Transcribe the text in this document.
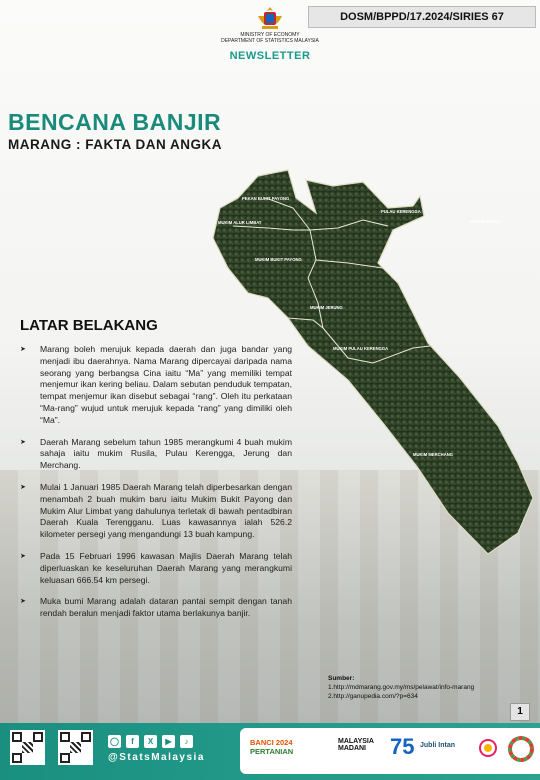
MINISTRY OF ECONOMY
DEPARTMENT OF STATISTICS MALAYSIA
NEWSLETTER
DOSM/BPPD/17.2024/SIRIES 67
BENCANA BANJIR
MARANG : FAKTA DAN ANGKA
PULAU KERENGGA
MUKIM RUSILA
PEKAN BUKIT PAYONG
MUKIM ALUR LIMBAT
MUKIM BUKIT PAYONG
MUKIM JERUNG
MUKIM PULAU KERENGGA
MUKIM MERCHANG
LATAR BELAKANG
➤	Marang boleh merujuk kepada daerah dan juga bandar yang menjadi ibu daerahnya. Nama Marang dipercayai daripada nama seorang yang berbangsa Cina iaitu “Ma” yang memiliki tempat menjemur ikan kering beliau. Dalam sebutan penduduk tempatan, tempat menjemur ikan disebut sebagai “rang”. Oleh itu perkataan “Ma-rang” wujud untuk merujuk kepada “rang” yang dimiliki oleh “Ma”.
➤	Daerah Marang sebelum tahun 1985 merangkumi 4 buah mukim sahaja iaitu mukim Rusila, Pulau Kerengga, Jerung dan Merchang.
➤	Mulai 1 Januari 1985 Daerah Marang telah diperbesarkan dengan menambah 2 buah mukim baru iaitu Mukim Bukit Payong dan Mukim Alur Limbat yang dahulunya terletak di bawah pentadbiran Daerah Kuala Terengganu. Luas kawasannya ialah 526.2 kilometer persegi yang mengandungi 13 buah kampung.
➤	Pada 15 Februari 1996 kawasan Majlis Daerah Marang telah diperluaskan ke keseluruhan Daerah Marang yang merangkumi keluasan 666.54 km persegi.
➤	Muka bumi Marang adalah dataran pantai sempit dengan tanah rendah beralun menjadi faktor utama berlakunya banjir.
Sumber:
1.http://mdmarang.gov.my/ms/pelawat/info-marang
2.http://ganupedia.com/?p=634
1
◯	f	X	▶	♪
@StatsMalaysia
BANCI 2024
PERTANIAN
MALAYSIA
MADANI	75 Jubli Intan
